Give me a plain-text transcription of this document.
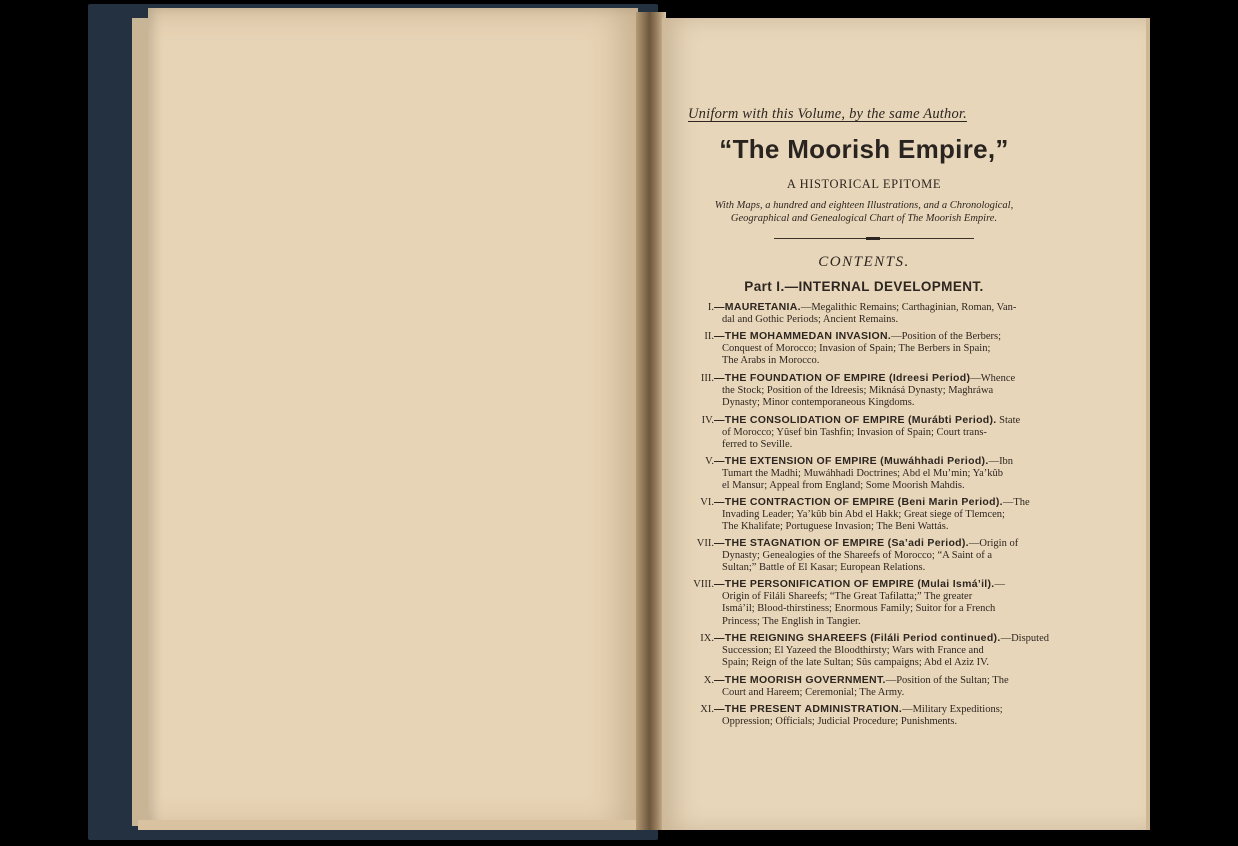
Uniform with this Volume, by the same Author.
“The Moorish Empire,”
A HISTORICAL EPITOME
With Maps, a hundred and eighteen Illustrations, and a Chronological,
Geographical and Genealogical Chart of The Moorish Empire.
CONTENTS.
Part I.—INTERNAL DEVELOPMENT.
I.—MAURETANIA.—Megalithic Remains; Carthaginian, Roman, Van-
dal and Gothic Periods; Ancient Remains.
II.—THE MOHAMMEDAN INVASION.—Position of the Berbers;
Conquest of Morocco; Invasion of Spain; The Berbers in Spain;
The Arabs in Morocco.
III.—THE FOUNDATION OF EMPIRE (Idreesi Period)—Whence
the Stock; Position of the Idreesis; Miknásá Dynasty; Maghráwa
Dynasty; Minor contemporaneous Kingdoms.
IV.—THE CONSOLIDATION OF EMPIRE (Murábti Period). State
of Morocco; Yûsef bin Tashfin; Invasion of Spain; Court trans-
ferred to Seville.
V.—THE EXTENSION OF EMPIRE (Muwáhhadi Period).—Ibn
Tumart the Madhi; Muwáhhadi Doctrines; Abd el Mu’min; Ya’kûb
el Mansur; Appeal from England; Some Moorish Mahdis.
VI.—THE CONTRACTION OF EMPIRE (Beni Marin Period).—The
Invading Leader; Ya’kûb bin Abd el Hakk; Great siege of Tlemcen;
The Khalifate; Portuguese Invasion; The Beni Wattás.
VII.—THE STAGNATION OF EMPIRE (Sa’adi Period).—Origin of
Dynasty; Genealogies of the Shareefs of Morocco; “A Saint of a
Sultan;” Battle of El Kasar; European Relations.
VIII.—THE PERSONIFICATION OF EMPIRE (Mulai Ismá’il).—
Origin of Filáli Shareefs; “The Great Tafilatta;” The greater
Ismá’il; Blood-thirstiness; Enormous Family; Suitor for a French
Princess; The English in Tangier.
IX.—THE REIGNING SHAREEFS (Filáli Period continued).—Disputed
Succession; El Yazeed the Bloodthirsty; Wars with France and
Spain; Reign of the late Sultan; Sûs campaigns; Abd el Aziz IV.
X.—THE MOORISH GOVERNMENT.—Position of the Sultan; The
Court and Hareem; Ceremonial; The Army.
XI.—THE PRESENT ADMINISTRATION.—Military Expeditions;
Oppression; Officials; Judicial Procedure; Punishments.
